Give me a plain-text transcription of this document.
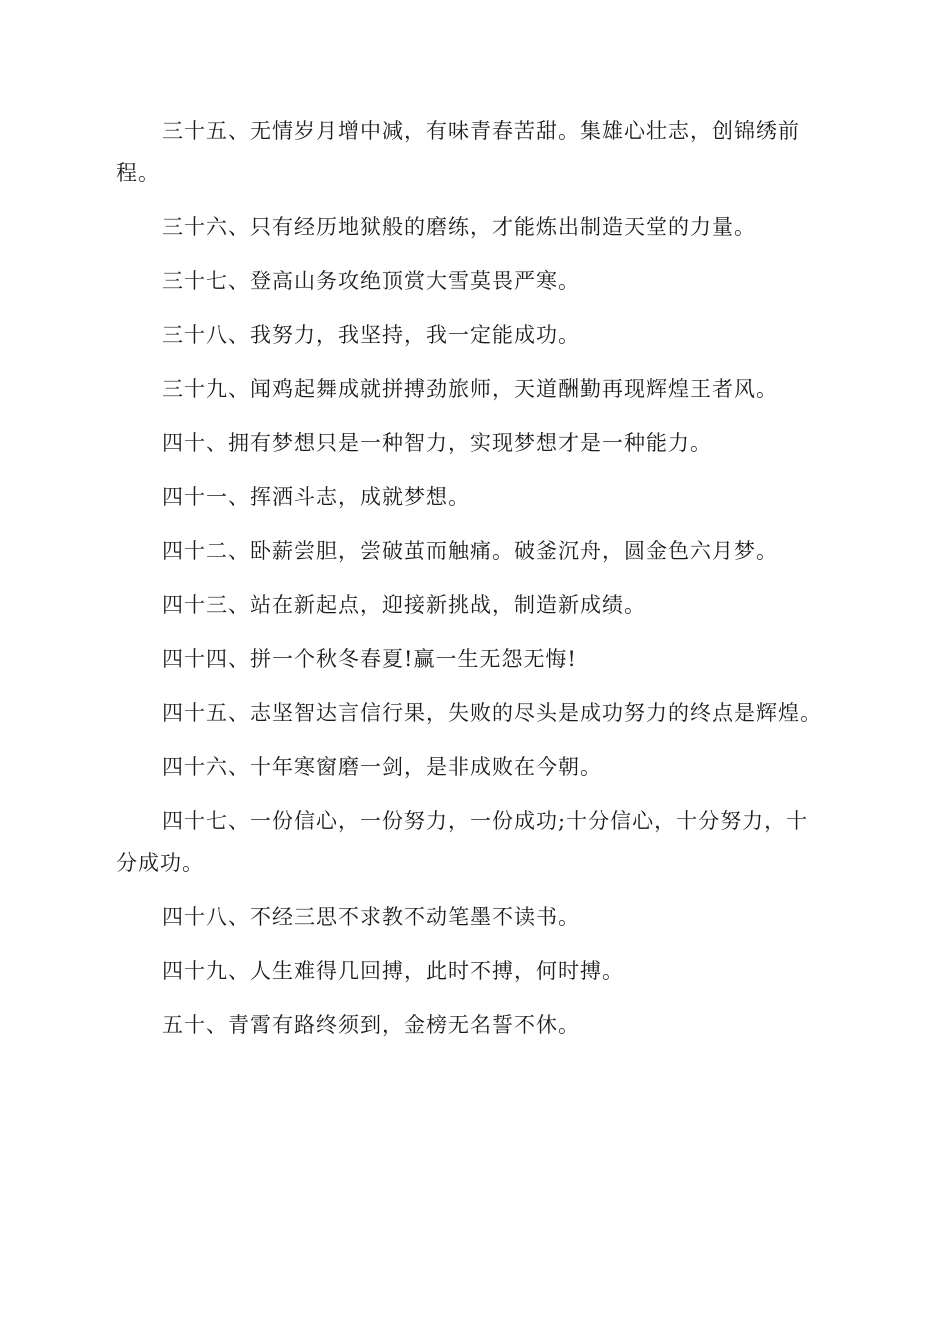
三十五、无情岁月增中减，有味青春苦甜。集雄心壮志，创锦绣前程。

三十六、只有经历地狱般的磨练，才能炼出制造天堂的力量。

三十七、登高山务攻绝顶赏大雪莫畏严寒。

三十八、我努力，我坚持，我一定能成功。

三十九、闻鸡起舞成就拼搏劲旅师，天道酬勤再现辉煌王者风。

四十、拥有梦想只是一种智力，实现梦想才是一种能力。

四十一、挥洒斗志，成就梦想。

四十二、卧薪尝胆，尝破茧而触痛。破釜沉舟，圆金色六月梦。

四十三、站在新起点，迎接新挑战，制造新成绩。

四十四、拼一个秋冬春夏!赢一生无怨无悔!

四十五、志坚智达言信行果，失败的尽头是成功努力的终点是辉煌。

四十六、十年寒窗磨一剑，是非成败在今朝。

四十七、一份信心，一份努力，一份成功;十分信心，十分努力，十分成功。

四十八、不经三思不求教不动笔墨不读书。

四十九、人生难得几回搏，此时不搏，何时搏。

五十、青霄有路终须到，金榜无名誓不休。
